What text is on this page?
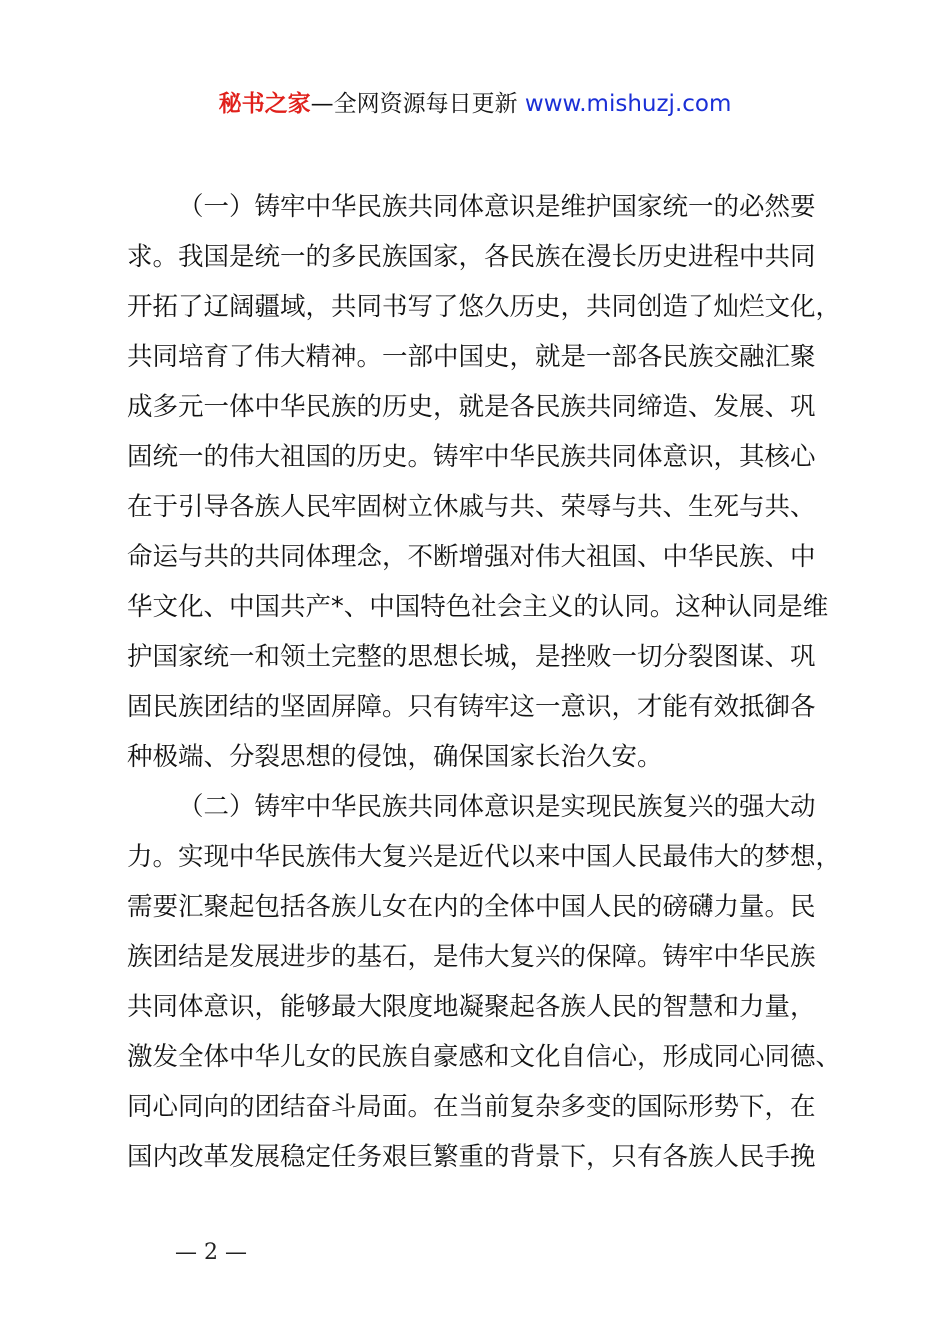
秘书之家—全网资源每日更新 www.mishuzj.com
（一）铸牢中华民族共同体意识是维护国家统一的必然要
求。我国是统一的多民族国家，各民族在漫长历史进程中共同
开拓了辽阔疆域，共同书写了悠久历史，共同创造了灿烂文化，
共同培育了伟大精神。一部中国史，就是一部各民族交融汇聚
成多元一体中华民族的历史，就是各民族共同缔造、发展、巩
固统一的伟大祖国的历史。铸牢中华民族共同体意识，其核心
在于引导各族人民牢固树立休戚与共、荣辱与共、生死与共、
命运与共的共同体理念，不断增强对伟大祖国、中华民族、中
华文化、中国共产*、中国特色社会主义的认同。这种认同是维
护国家统一和领土完整的思想长城，是挫败一切分裂图谋、巩
固民族团结的坚固屏障。只有铸牢这一意识，才能有效抵御各
种极端、分裂思想的侵蚀，确保国家长治久安。
（二）铸牢中华民族共同体意识是实现民族复兴的强大动
力。实现中华民族伟大复兴是近代以来中国人民最伟大的梦想，
需要汇聚起包括各族儿女在内的全体中国人民的磅礴力量。民
族团结是发展进步的基石，是伟大复兴的保障。铸牢中华民族
共同体意识，能够最大限度地凝聚起各族人民的智慧和力量，
激发全体中华儿女的民族自豪感和文化自信心，形成同心同德、
同心同向的团结奋斗局面。在当前复杂多变的国际形势下，在
国内改革发展稳定任务艰巨繁重的背景下，只有各族人民手挽
— 2 —
